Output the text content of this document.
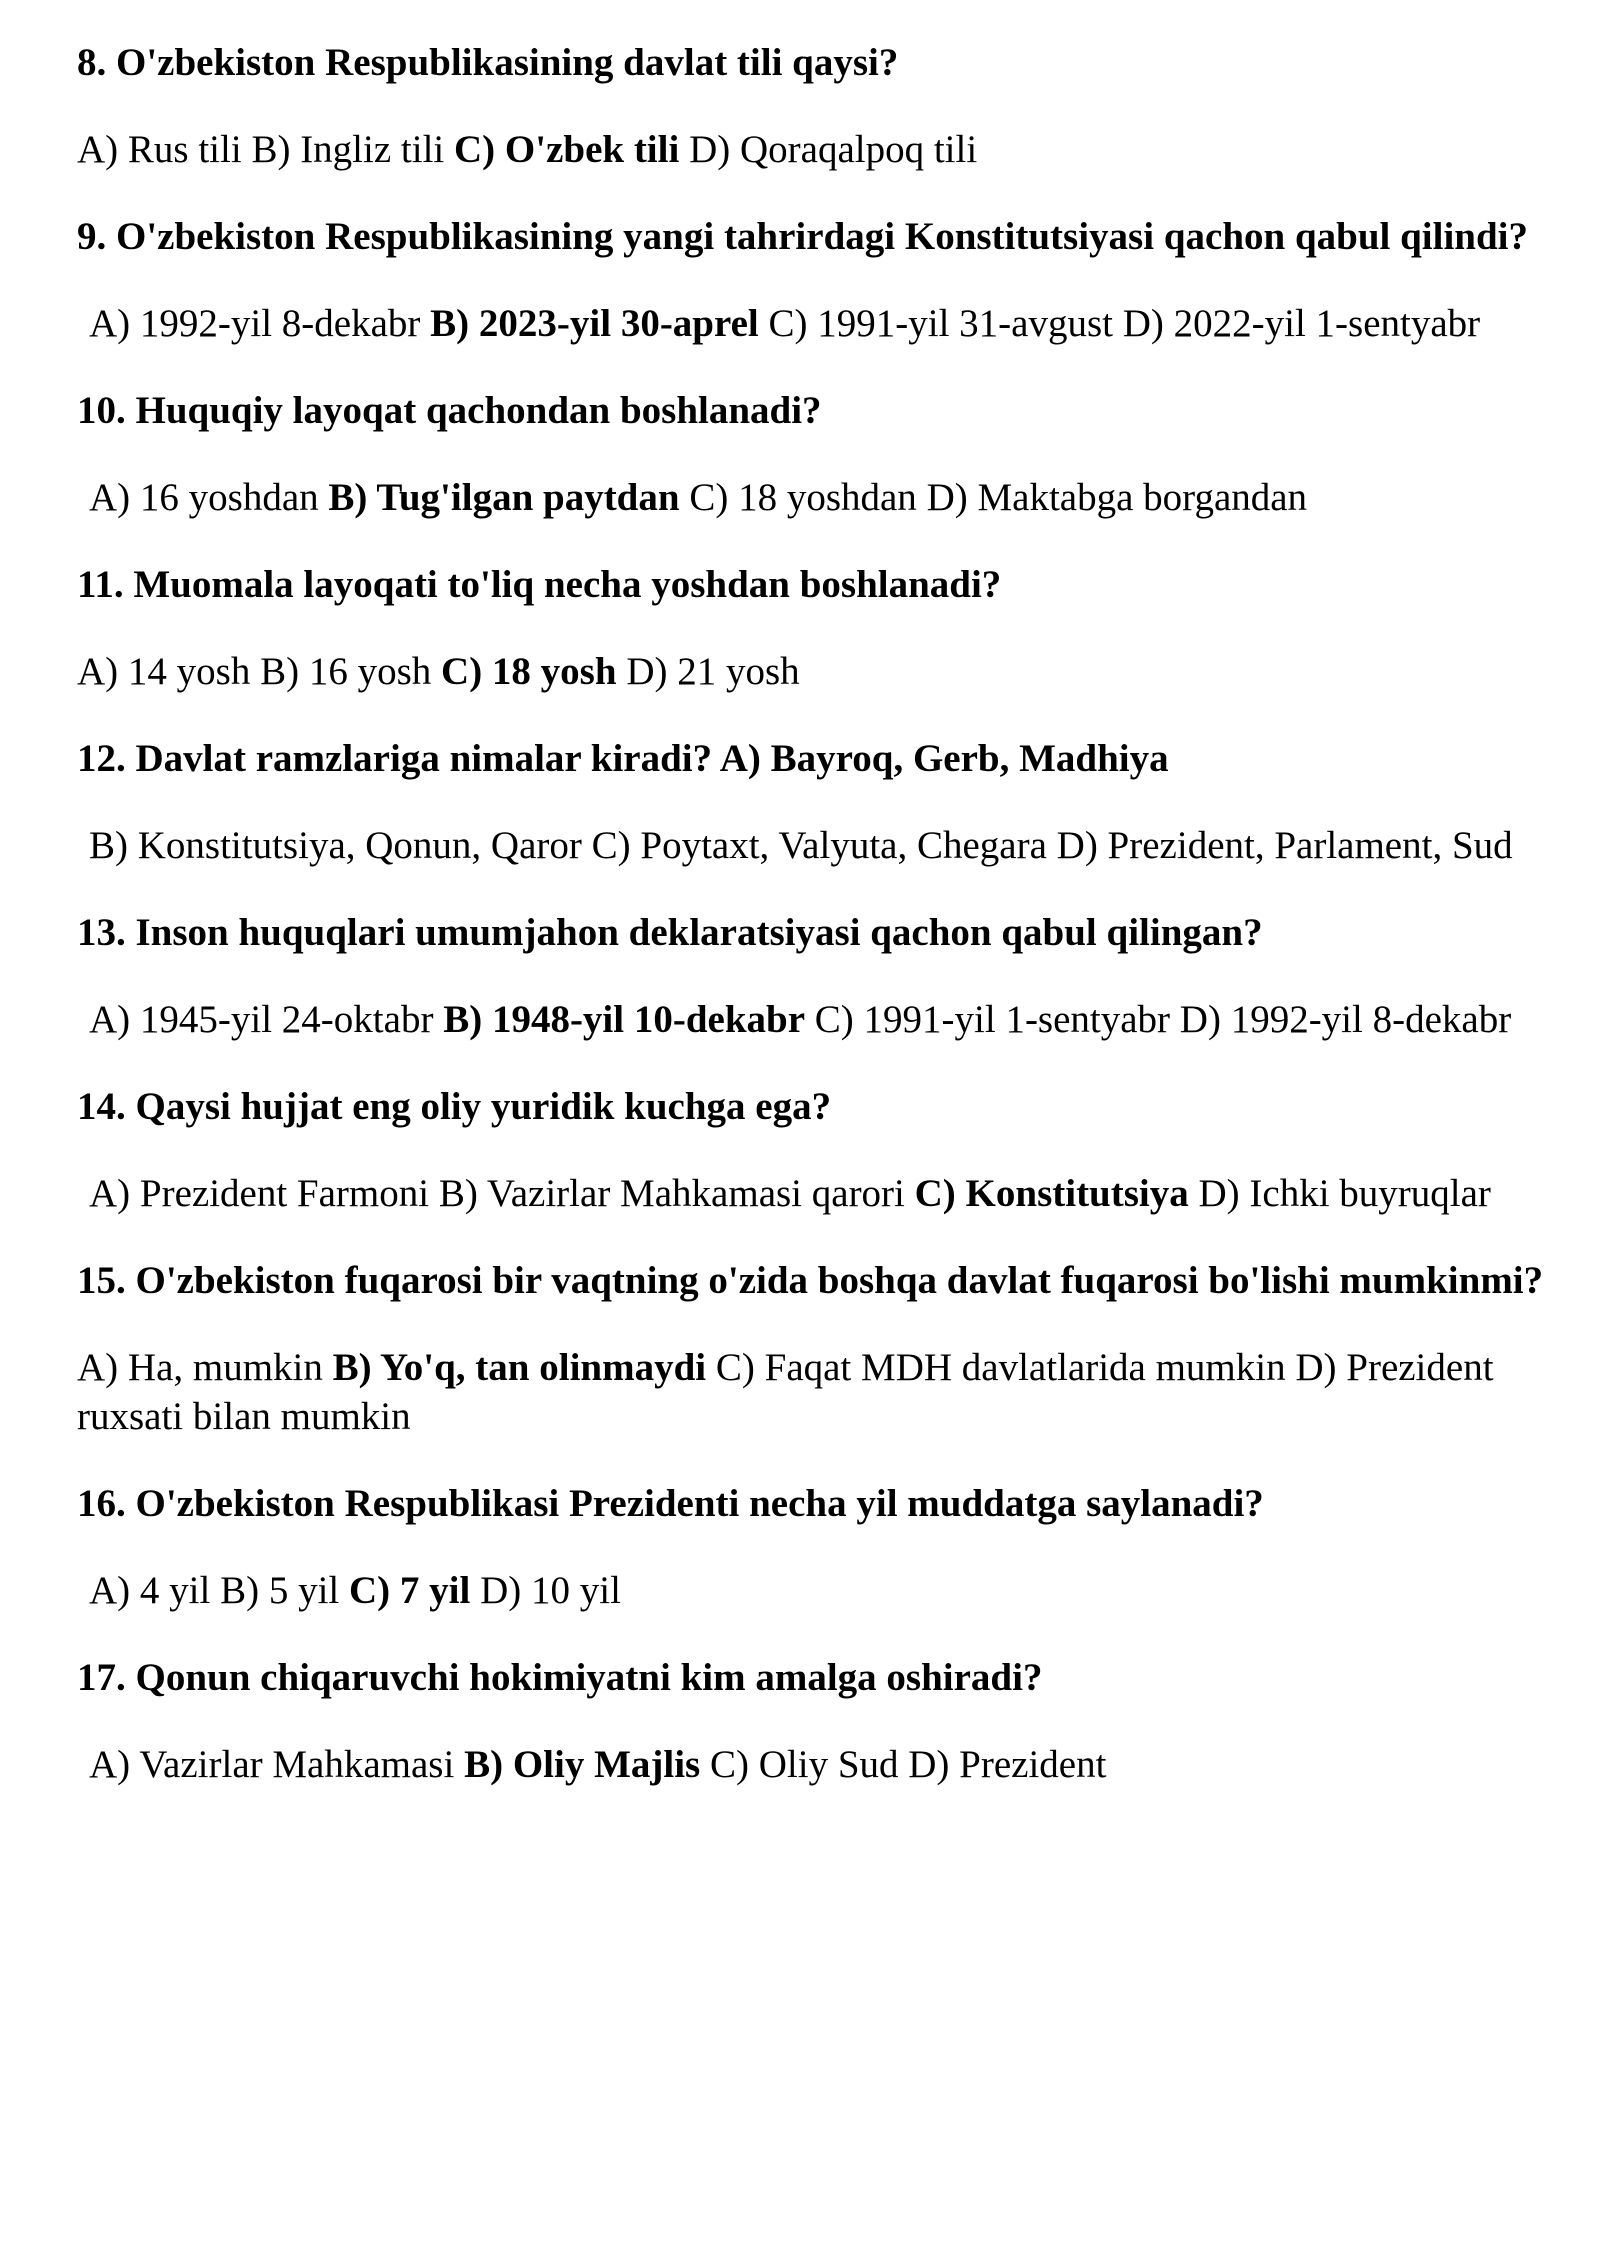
8. O'zbekiston Respublikasining davlat tili qaysi?

A) Rus tili B) Ingliz tili C) O'zbek tili D) Qoraqalpoq tili

9. O'zbekiston Respublikasining yangi tahrirdagi Konstitutsiyasi qachon qabul qilindi?

A) 1992-yil 8-dekabr B) 2023-yil 30-aprel C) 1991-yil 31-avgust D) 2022-yil 1-sentyabr

10. Huquqiy layoqat qachondan boshlanadi?

A) 16 yoshdan B) Tug'ilgan paytdan C) 18 yoshdan D) Maktabga borgandan

11. Muomala layoqati to'liq necha yoshdan boshlanadi?

A) 14 yosh B) 16 yosh C) 18 yosh D) 21 yosh

12. Davlat ramzlariga nimalar kiradi? A) Bayroq, Gerb, Madhiya

B) Konstitutsiya, Qonun, Qaror C) Poytaxt, Valyuta, Chegara D) Prezident, Parlament, Sud

13. Inson huquqlari umumjahon deklaratsiyasi qachon qabul qilingan?

A) 1945-yil 24-oktabr B) 1948-yil 10-dekabr C) 1991-yil 1-sentyabr D) 1992-yil 8-dekabr

14. Qaysi hujjat eng oliy yuridik kuchga ega?

A) Prezident Farmoni B) Vazirlar Mahkamasi qarori C) Konstitutsiya D) Ichki buyruqlar

15. O'zbekiston fuqarosi bir vaqtning o'zida boshqa davlat fuqarosi bo'lishi mumkinmi?

A) Ha, mumkin B) Yo'q, tan olinmaydi C) Faqat MDH davlatlarida mumkin D) Prezident ruxsati bilan mumkin

16. O'zbekiston Respublikasi Prezidenti necha yil muddatga saylanadi?

A) 4 yil B) 5 yil C) 7 yil D) 10 yil

17. Qonun chiqaruvchi hokimiyatni kim amalga oshiradi?

A) Vazirlar Mahkamasi B) Oliy Majlis C) Oliy Sud D) Prezident
